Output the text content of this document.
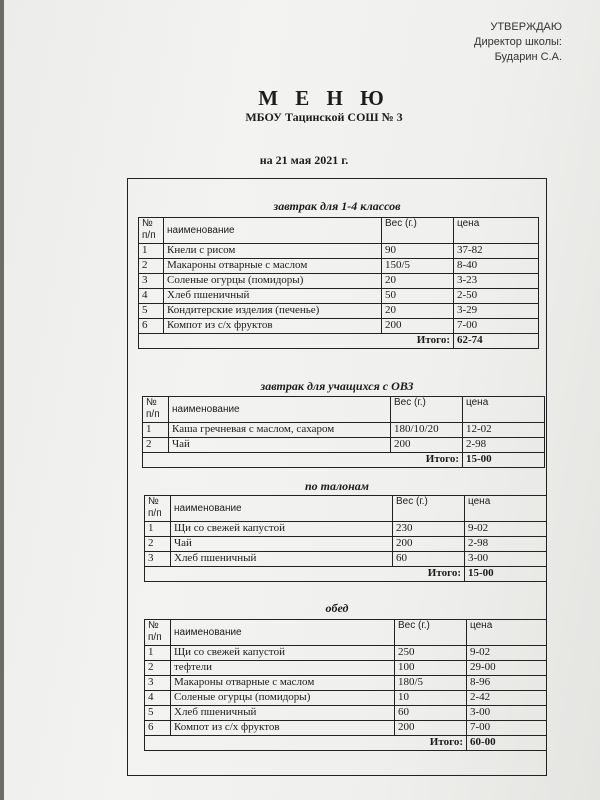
УТВЕРЖДАЮ
Директор школы:
Бударин С.А.
М Е Н Ю
МБОУ Тацинской СОШ № 3
на 21 мая 2021 г.
завтрак для 1-4 классов
№ п/п	наименование	Вес (г.)	цена
1	Кнели с рисом	90	37-82
2	Макароны отварные с маслом	150/5	8-40
3	Соленые огурцы (помидоры)	20	3-23
4	Хлеб пшеничный	50	2-50
5	Кондитерские изделия (печенье)	20	3-29
6	Компот из с/х фруктов	200	7-00
		Итого:	62-74
завтрак для учащихся с ОВЗ
№ п/п	наименование	Вес (г.)	цена
1	Каша гречневая с маслом, сахаром	180/10/20	12-02
2	Чай	200	2-98
		Итого:	15-00
по талонам
№ п/п	наименование	Вес (г.)	цена
1	Щи со свежей капустой	230	9-02
2	Чай	200	2-98
3	Хлеб пшеничный	60	3-00
		Итого:	15-00
обед
№ п/п	наименование	Вес (г.)	цена
1	Щи со свежей капустой	250	9-02
2	тефтели	100	29-00
3	Макароны отварные с маслом	180/5	8-96
4	Соленые огурцы (помидоры)	10	2-42
5	Хлеб пшеничный	60	3-00
6	Компот из с/х фруктов	200	7-00
		Итого:	60-00
